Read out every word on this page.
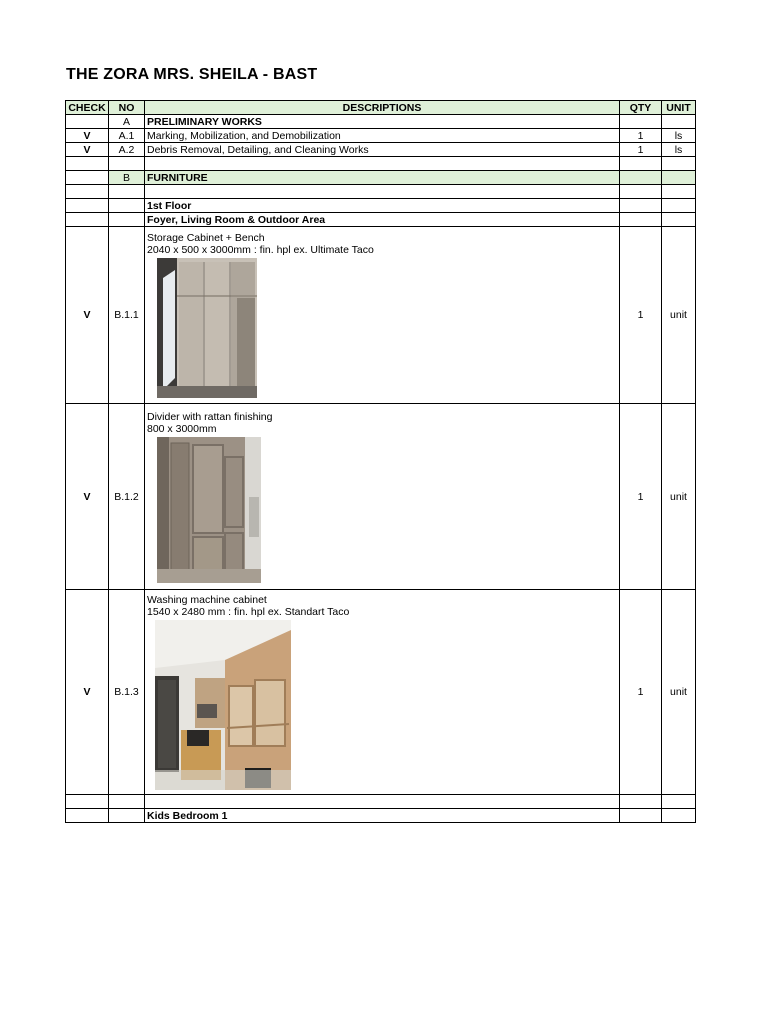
THE ZORA MRS. SHEILA - BAST
CHECK	NO	DESCRIPTIONS	QTY	UNIT
	A	PRELIMINARY WORKS		
V	A.1	Marking, Mobilization, and Demobilization	1	ls
V	A.2	Debris Removal, Detailing, and Cleaning Works	1	ls

	B	FURNITURE		

		1st Floor		
		Foyer, Living Room & Outdoor Area		
V	B.1.1	Storage Cabinet + Bench
2040 x 500 x 3000mm : fin. hpl ex. Ultimate Taco	1	unit
V	B.1.2	Divider with rattan finishing
800 x 3000mm	1	unit
V	B.1.3	Washing machine cabinet
1540 x 2480 mm : fin. hpl ex. Standart Taco	1	unit

		Kids Bedroom 1		
